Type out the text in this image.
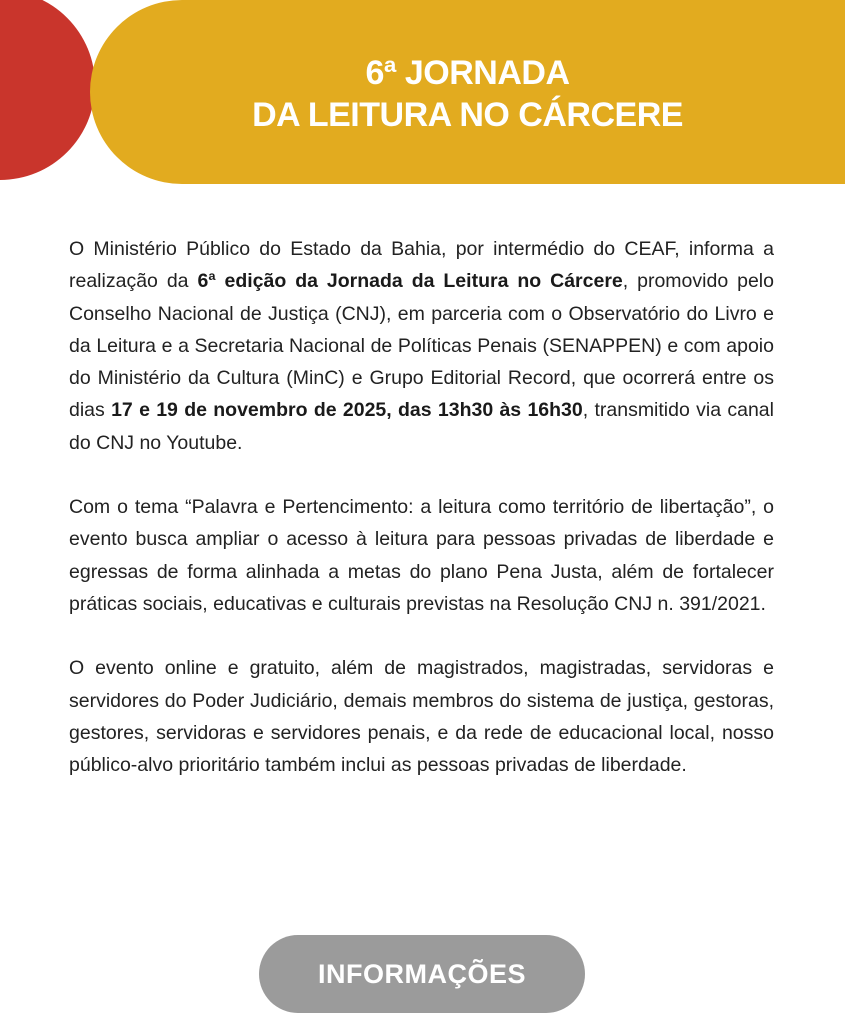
6ª JORNADA
DA LEITURA NO CÁRCERE

O Ministério Público do Estado da Bahia, por intermédio do CEAF, informa a realização da 6ª edição da Jornada da Leitura no Cárcere, promovido pelo Conselho Nacional de Justiça (CNJ), em parceria com o Observatório do Livro e da Leitura e a Secretaria Nacional de Políticas Penais (SENAPPEN) e com apoio do Ministério da Cultura (MinC) e Grupo Editorial Record, que ocorrerá entre os dias 17 e 19 de novembro de 2025, das 13h30 às 16h30, transmitido via canal do CNJ no Youtube.

Com o tema “Palavra e Pertencimento: a leitura como território de libertação”, o evento busca ampliar o acesso à leitura para pessoas privadas de liberdade e egressas de forma alinhada a metas do plano Pena Justa, além de fortalecer práticas sociais, educativas e culturais previstas na Resolução CNJ n. 391/2021.

O evento online e gratuito, além de magistrados, magistradas, servidoras e servidores do Poder Judiciário, demais membros do sistema de justiça, gestoras, gestores, servidoras e servidores penais, e da rede de educacional local, nosso público-alvo prioritário também inclui as pessoas privadas de liberdade.

INFORMAÇÕES
